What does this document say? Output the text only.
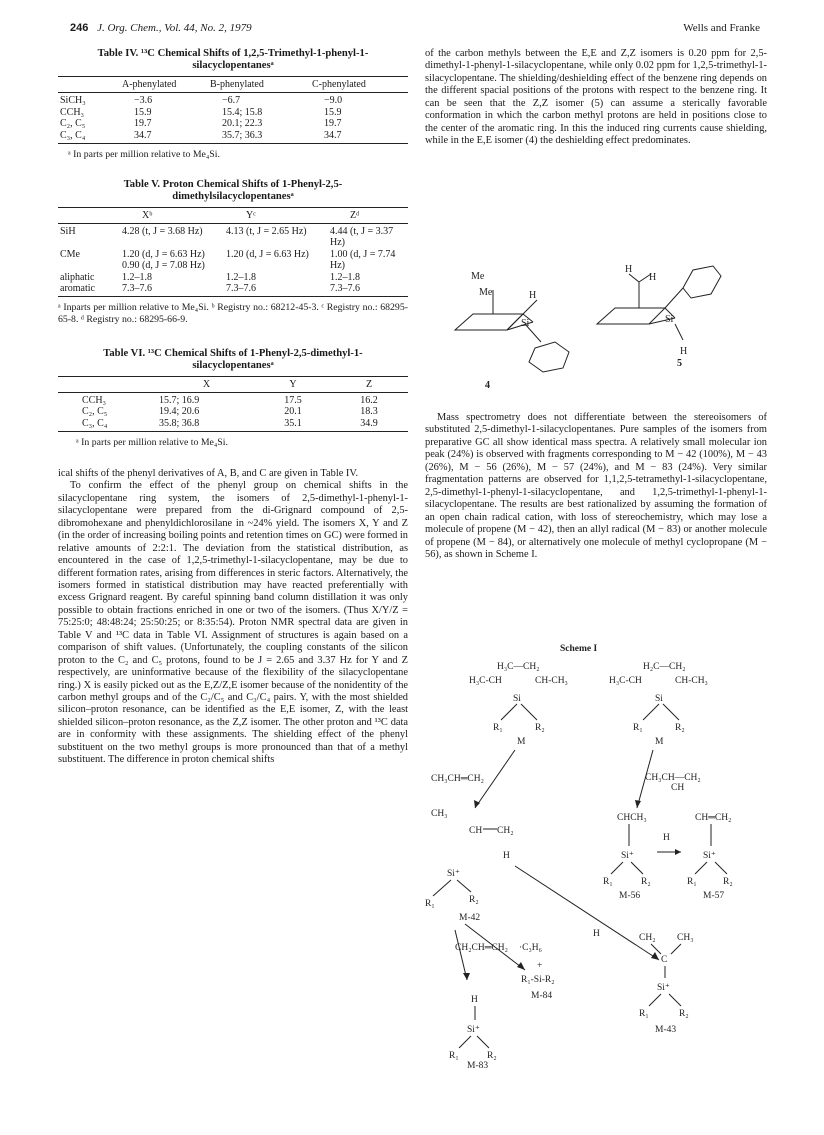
246 J. Org. Chem., Vol. 44, No. 2, 1979	Wells and Franke
Table IV. ¹³C Chemical Shifts of 1,2,5-Trimethyl-1-phenyl-1-silacyclopentanesᵃ
	A-phenylated	B-phenylated	C-phenylated
SiCH₃	−3.6	−6.7	−9.0
CCH₃	15.9	15.4; 15.8	15.9
C₂, C₅	19.7	20.1; 22.3	19.7
C₃, C₄	34.7	35.7; 36.3	34.7
ᵃ In parts per million relative to Me₄Si.
Table V. Proton Chemical Shifts of 1-Phenyl-2,5-dimethylsilacyclopentanesᵃ
	Xᵇ	Yᶜ	Zᵈ
SiH	4.28 (t, J = 3.68 Hz)	4.13 (t, J = 2.65 Hz)	4.44 (t, J = 3.37 Hz)
CMe	1.20 (d, J = 6.63 Hz) 0.90 (d, J = 7.08 Hz)	1.20 (d, J = 6.63 Hz)	1.00 (d, J = 7.74 Hz)
aliphatic	1.2–1.8	1.2–1.8	1.2–1.8
aromatic	7.3–7.6	7.3–7.6	7.3–7.6
ᵃ Inparts per million relative to Me₄Si. ᵇ Registry no.: 68212-45-3. ᶜ Registry no.: 68295-65-8. ᵈ Registry no.: 68295-66-9.
Table VI. ¹³C Chemical Shifts of 1-Phenyl-2,5-dimethyl-1-silacyclopentanesᵃ
	X	Y	Z
CCH₃	15.7; 16.9	17.5	16.2
C₂, C₅	19.4; 20.6	20.1	18.3
C₃, C₄	35.8; 36.8	35.1	34.9
ᵃ In parts per million relative to Me₄Si.

ical shifts of the phenyl derivatives of A, B, and C are given in Table IV.

To confirm the effect of the phenyl group on chemical shifts in the silacyclopentane ring system, the isomers of 2,5-dimethyl-1-phenyl-1-silacyclopentane were prepared from the di-Grignard compound of 2,5-dibromohexane and phenyldichlorosilane in ~24% yield. The isomers X, Y and Z (in the order of increasing boiling points and retention times on GC) were formed in relative amounts of 2:2:1. The deviation from the statistical distribution, as encountered in the case of 1,2,5-trimethyl-1-silacyclopentane, may be due to different formation rates, arising from differences in steric factors. Alternatively, the isomers formed in statistical distribution may have reacted preferentially with excess Grignard reagent. By careful spinning band column distillation it was only possible to obtain fractions enriched in one or two of the isomers. (Thus X/Y/Z = 75:25:0; 48:48:24; 25:50:25; or 8:35:54). Proton NMR spectral data are given in Table V and ¹³C data in Table VI. Assignment of structures is again based on a comparison of shift values. (Unfortunately, the coupling constants of the silicon proton to the C₂ and C₅ protons, found to be J = 2.65 and 3.37 Hz for Y and Z respectively, are uninformative because of the flexibility of the silacyclopentane ring.) X is easily picked out as the E,Z/Z,E isomer because of the nonidentity of the carbon methyl groups and of the C₂/C₅ and C₃/C₄ pairs. Y, with the most shielded silicon–proton resonance, can be identified as the E,E isomer, Z, with the least shielded silicon–proton resonance, as the Z,Z isomer. The other proton and ¹³C data are in conformity with these assignments. The shielding effect of the phenyl substituent on the two methyl groups is more pronounced than that of a methyl substituent. The difference in proton chemical shifts

of the carbon methyls between the E,E and Z,Z isomers is 0.20 ppm for 2,5-dimethyl-1-phenyl-1-silacyclopentane, while only 0.02 ppm for 1,2,5-trimethyl-1-silacyclopentane. The shielding/deshielding effect of the benzene ring depends on the different spacial positions of the protons with respect to the benzene ring. It can be seen that the Z,Z isomer (5) can assume a sterically favorable conformation in which the carbon methyl protons are held in positions close to the center of the aromatic ring. In this the induced ring currents cause shielding, while in the E,E isomer (4) the deshielding effect predominates.

Mass spectrometry does not differentiate between the stereoisomers of substituted 2,5-dimethyl-1-silacyclopentanes. Pure samples of the isomers from preparative GC all show identical mass spectra. A relatively small molecular ion peak (24%) is observed with fragments corresponding to M − 42 (100%), M − 43 (26%), M − 56 (26%), M − 57 (24%), and M − 83 (24%). Very similar fragmentation patterns are observed for 1,1,2,5-tetramethyl-1-silacyclopentane, 2,5-dimethyl-1-phenyl-1-silacyclopentane, and 1,2,5-trimethyl-1-phenyl-1-silacyclopentane. The results are best rationalized by assuming the formation of an open chain radical cation, with loss of stereochemistry, which may lose a molecule of propene (M − 42), then an allyl radical (M − 83) or another molecule of propene (M − 84), or alternatively one molecule of methyl cyclopropane (M − 56), as shown in Scheme I.

Me
Me	H
Si
4
H
H
Si
H
5
Scheme I
H₃C—CH₂
H₃C-CH	CH-CH₃
Si
R₁	R₂
M
H₂C—CH₂
H₃C-CH	CH-CH₃
Si
R₁	R₂
M
CH₃CH═CH₂	CH₃CH—CH₂
CH
CH₃
CH CH₂
H
Si⁺
R₁	R₂
M-42
CHCH₃
Si⁺
R₁	R₂
M-56
H
CH═CH₂
Si⁺
R₁	R₂
M-57
CH₂CH═CH₂ ·C₃H₆
H
H
Si⁺
R₁	R₂
+
R₁-Si-R₂
M-84
CH₂ CH₃
C
Si⁺
R₁	R₂
M-43
M-83
